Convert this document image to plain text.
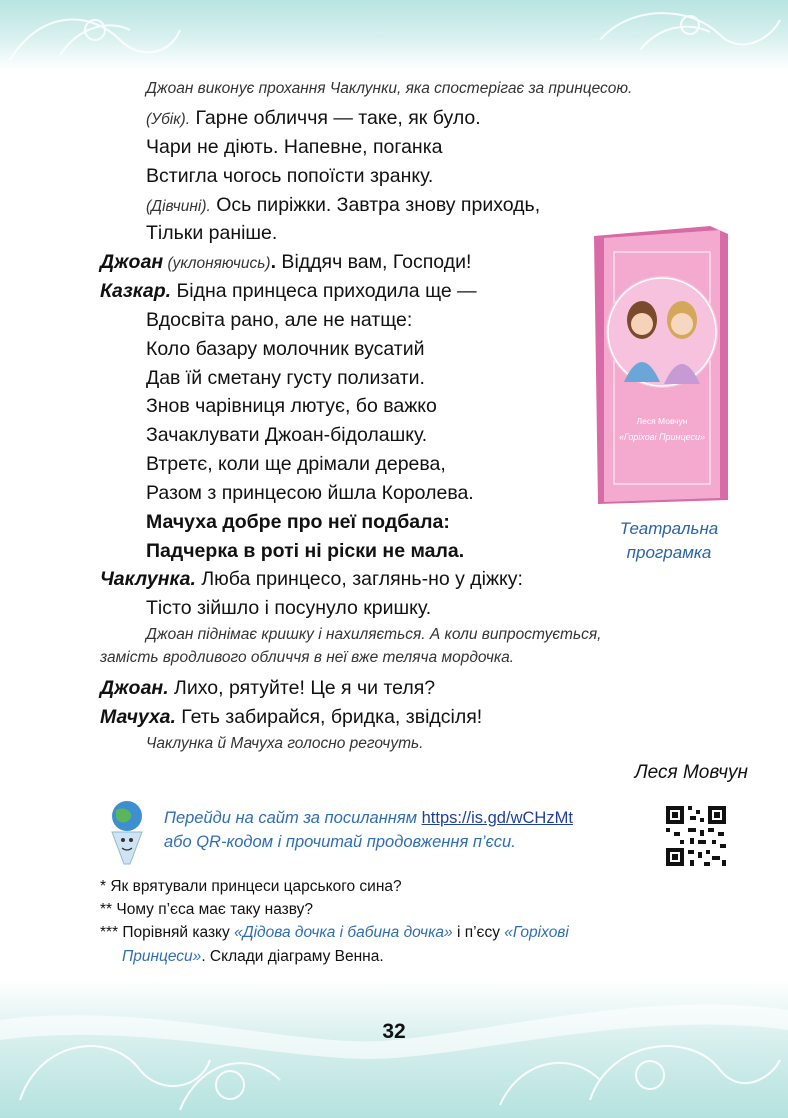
Джоан виконує прохання Чаклунки, яка спостерігає за принцесою.
(Убік). Гарне обличчя — таке, як було.
Чари не діють. Напевне, поганка
Встигла чогось попоїсти зранку.
(Дівчині). Ось пиріжки. Завтра знову приходь,
Тільки раніше.
Джоан (уклоняючись). Віддяч вам, Господи!
Казкар. Бідна принцеса приходила ще —
Вдосвіта рано, але не натще:
Коло базару молочник вусатий
Дав їй сметану густу полизати.
Знов чарівниця лютує, бо важко
Зачаклувати Джоан-бідолашку.
Втретє, коли ще дрімали дерева,
Разом з принцесою йшла Королева.
Мачуха добре про неї подбала:
Падчерка в роті ні ріски не мала.
Чаклунка. Люба принцесо, заглянь-но у діжку:
Тісто зійшло і посунуло кришку.
Джоан піднімає кришку і нахиляється. А коли випростується,
замість вродливого обличчя в неї вже теляча мордочка.
Джоан. Лихо, рятуйте! Це я чи теля?
Мачуха. Геть забирайся, бридка, звідсіля!
Чаклунка й Мачуха голосно регочуть.
Леся Мовчун
Леся Мовчун
«Горіхові Принцеси»
Театральна
програмка
Перейди на сайт за посиланням https://is.gd/wCHzMt
або QR-кодом і прочитай продовження п’єси.
* Як врятували принцеси царського сина?
** Чому п’єса має таку назву?
*** Порівняй казку «Дідова дочка і бабина дочка» і п’єсу «Горіхові
Принцеси». Склади діаграму Венна.
32
